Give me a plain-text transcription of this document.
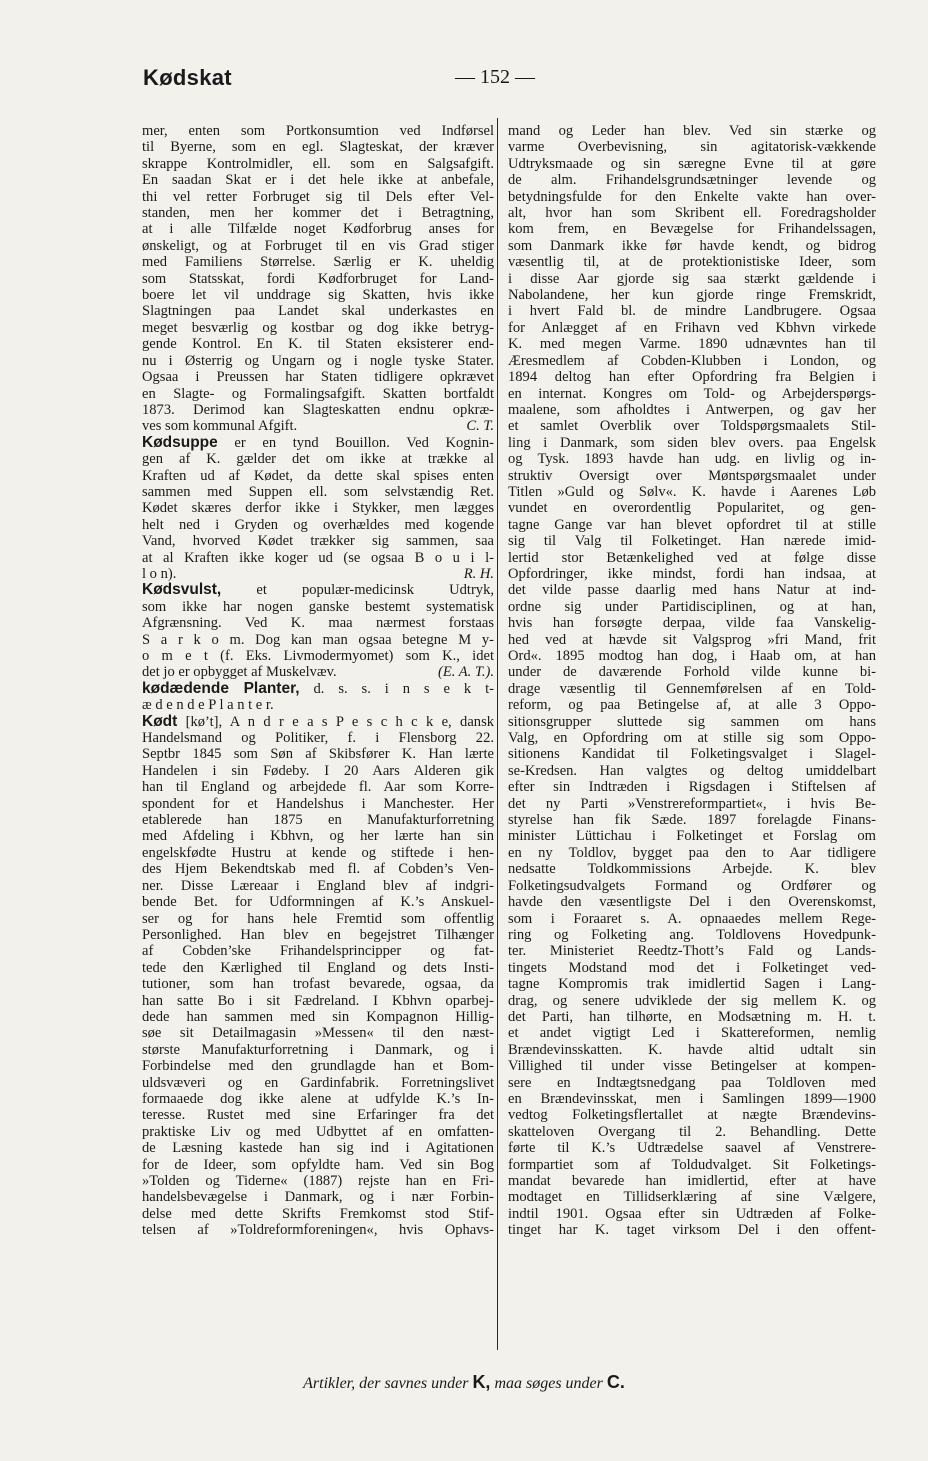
Kødskat	— 152 —
mer, enten som Portkonsumtion ved Indførsel
til Byerne, som en egl. Slagteskat, der kræver
skrappe Kontrolmidler, ell. som en Salgsafgift.
En saadan Skat er i det hele ikke at anbefale,
thi vel retter Forbruget sig til Dels efter Vel-
standen, men her kommer det i Betragtning,
at i alle Tilfælde noget Kødforbrug anses for
ønskeligt, og at Forbruget til en vis Grad stiger
med Familiens Størrelse. Særlig er K. uheldig
som Statsskat, fordi Kødforbruget for Land-
boere let vil unddrage sig Skatten, hvis ikke
Slagtningen paa Landet skal underkastes en
meget besværlig og kostbar og dog ikke betryg-
gende Kontrol. En K. til Staten eksisterer end-
nu i Østerrig og Ungarn og i nogle tyske Stater.
Ogsaa i Preussen har Staten tidligere opkrævet
en Slagte- og Formalingsafgift. Skatten bortfaldt
1873. Derimod kan Slagteskatten endnu opkræ-
ves som kommunal Afgift.	C. T.
Kødsuppe er en tynd Bouillon. Ved Kognin-
gen af K. gælder det om ikke at trække al
Kraften ud af Kødet, da dette skal spises enten
sammen med Suppen ell. som selvstændig Ret.
Kødet skæres derfor ikke i Stykker, men lægges
helt ned i Gryden og overhældes med kogende
Vand, hvorved Kødet trækker sig sammen, saa
at al Kraften ikke koger ud (se ogsaa B o u i l-
l o n).	R. H.
Kødsvulst, et populær-medicinsk Udtryk,
som ikke har nogen ganske bestemt systematisk
Afgrænsning. Ved K. maa nærmest forstaas
S a r k o m. Dog kan man ogsaa betegne M y-
o m e t (f. Eks. Livmodermyomet) som K., idet
det jo er opbygget af Muskelvæv.	(E. A. T.).
kødædende Planter, d. s. s. i n s e k t-
æ d e n d e P l a n t e r.
Kødt [kø’t], A n d r e a s P e s c h c k e, dansk
Handelsmand og Politiker, f. i Flensborg 22.
Septbr 1845 som Søn af Skibsfører K. Han lærte
Handelen i sin Fødeby. I 20 Aars Alderen gik
han til England og arbejdede fl. Aar som Korre-
spondent for et Handelshus i Manchester. Her
etablerede han 1875 en Manufakturforretning
med Afdeling i Kbhvn, og her lærte han sin
engelskfødte Hustru at kende og stiftede i hen-
des Hjem Bekendtskab med fl. af Cobden’s Ven-
ner. Disse Læreaar i England blev af indgri-
bende Bet. for Udformningen af K.’s Anskuel-
ser og for hans hele Fremtid som offentlig
Personlighed. Han blev en begejstret Tilhænger
af Cobden’ske Frihandelsprincipper og fat-
tede den Kærlighed til England og dets Insti-
tutioner, som han trofast bevarede, ogsaa, da
han satte Bo i sit Fædreland. I Kbhvn oparbej-
dede han sammen med sin Kompagnon Hillig-
søe sit Detailmagasin »Messen« til den næst-
største Manufakturforretning i Danmark, og i
Forbindelse med den grundlagde han et Bom-
uldsvæveri og en Gardinfabrik. Forretningslivet
formaaede dog ikke alene at udfylde K.’s In-
teresse. Rustet med sine Erfaringer fra det
praktiske Liv og med Udbyttet af en omfatten-
de Læsning kastede han sig ind i Agitationen
for de Ideer, som opfyldte ham. Ved sin Bog
»Tolden og Tiderne« (1887) rejste han en Fri-
handelsbevægelse i Danmark, og i nær Forbin-
delse med dette Skrifts Fremkomst stod Stif-
telsen af »Toldreformforeningen«, hvis Ophavs-
mand og Leder han blev. Ved sin stærke og
varme Overbevisning, sin agitatorisk-vækkende
Udtryksmaade og sin særegne Evne til at gøre
de alm. Frihandelsgrundsætninger levende og
betydningsfulde for den Enkelte vakte han over-
alt, hvor han som Skribent ell. Foredragsholder
kom frem, en Bevægelse for Frihandelssagen,
som Danmark ikke før havde kendt, og bidrog
væsentlig til, at de protektionistiske Ideer, som
i disse Aar gjorde sig saa stærkt gældende i
Nabolandene, her kun gjorde ringe Fremskridt,
i hvert Fald bl. de mindre Landbrugere. Ogsaa
for Anlægget af en Frihavn ved Kbhvn virkede
K. med megen Varme. 1890 udnævntes han til
Æresmedlem af Cobden-Klubben i London, og
1894 deltog han efter Opfordring fra Belgien i
en internat. Kongres om Told- og Arbejderspørgs-
maalene, som afholdtes i Antwerpen, og gav her
et samlet Overblik over Toldspørgsmaalets Stil-
ling i Danmark, som siden blev overs. paa Engelsk
og Tysk. 1893 havde han udg. en livlig og in-
struktiv Oversigt over Møntspørgsmaalet under
Titlen »Guld og Sølv«. K. havde i Aarenes Løb
vundet en overordentlig Popularitet, og gen-
tagne Gange var han blevet opfordret til at stille
sig til Valg til Folketinget. Han nærede imid-
lertid stor Betænkelighed ved at følge disse
Opfordringer, ikke mindst, fordi han indsaa, at
det vilde passe daarlig med hans Natur at ind-
ordne sig under Partidisciplinen, og at han,
hvis han forsøgte derpaa, vilde faa Vanskelig-
hed ved at hævde sit Valgsprog »fri Mand, frit
Ord«. 1895 modtog han dog, i Haab om, at han
under de daværende Forhold vilde kunne bi-
drage væsentlig til Gennemførelsen af en Told-
reform, og paa Betingelse af, at alle 3 Oppo-
sitionsgrupper sluttede sig sammen om hans
Valg, en Opfordring om at stille sig som Oppo-
sitionens Kandidat til Folketingsvalget i Slagel-
se-Kredsen. Han valgtes og deltog umiddelbart
efter sin Indtræden i Rigsdagen i Stiftelsen af
det ny Parti »Venstrereformpartiet«, i hvis Be-
styrelse han fik Sæde. 1897 forelagde Finans-
minister Lüttichau i Folketinget et Forslag om
en ny Toldlov, bygget paa den to Aar tidligere
nedsatte Toldkommissions Arbejde. K. blev
Folketingsudvalgets Formand og Ordfører og
havde den væsentligste Del i den Overenskomst,
som i Foraaret s. A. opnaaedes mellem Rege-
ring og Folketing ang. Toldlovens Hovedpunk-
ter. Ministeriet Reedtz-Thott’s Fald og Lands-
tingets Modstand mod det i Folketinget ved-
tagne Kompromis trak imidlertid Sagen i Lang-
drag, og senere udviklede der sig mellem K. og
det Parti, han tilhørte, en Modsætning m. H. t.
et andet vigtigt Led i Skattereformen, nemlig
Brændevinsskatten. K. havde altid udtalt sin
Villighed til under visse Betingelser at kompen-
sere en Indtægtsnedgang paa Toldloven med
en Brændevinsskat, men i Samlingen 1899—1900
vedtog Folketingsflertallet at nægte Brændevins-
skatteloven Overgang til 2. Behandling. Dette
førte til K.’s Udtrædelse saavel af Venstrere-
formpartiet som af Toldudvalget. Sit Folketings-
mandat bevarede han imidlertid, efter at have
modtaget en Tillidserklæring af sine Vælgere,
indtil 1901. Ogsaa efter sin Udtræden af Folke-
tinget har K. taget virksom Del i den offent-
Artikler, der savnes under K, maa søges under C.
